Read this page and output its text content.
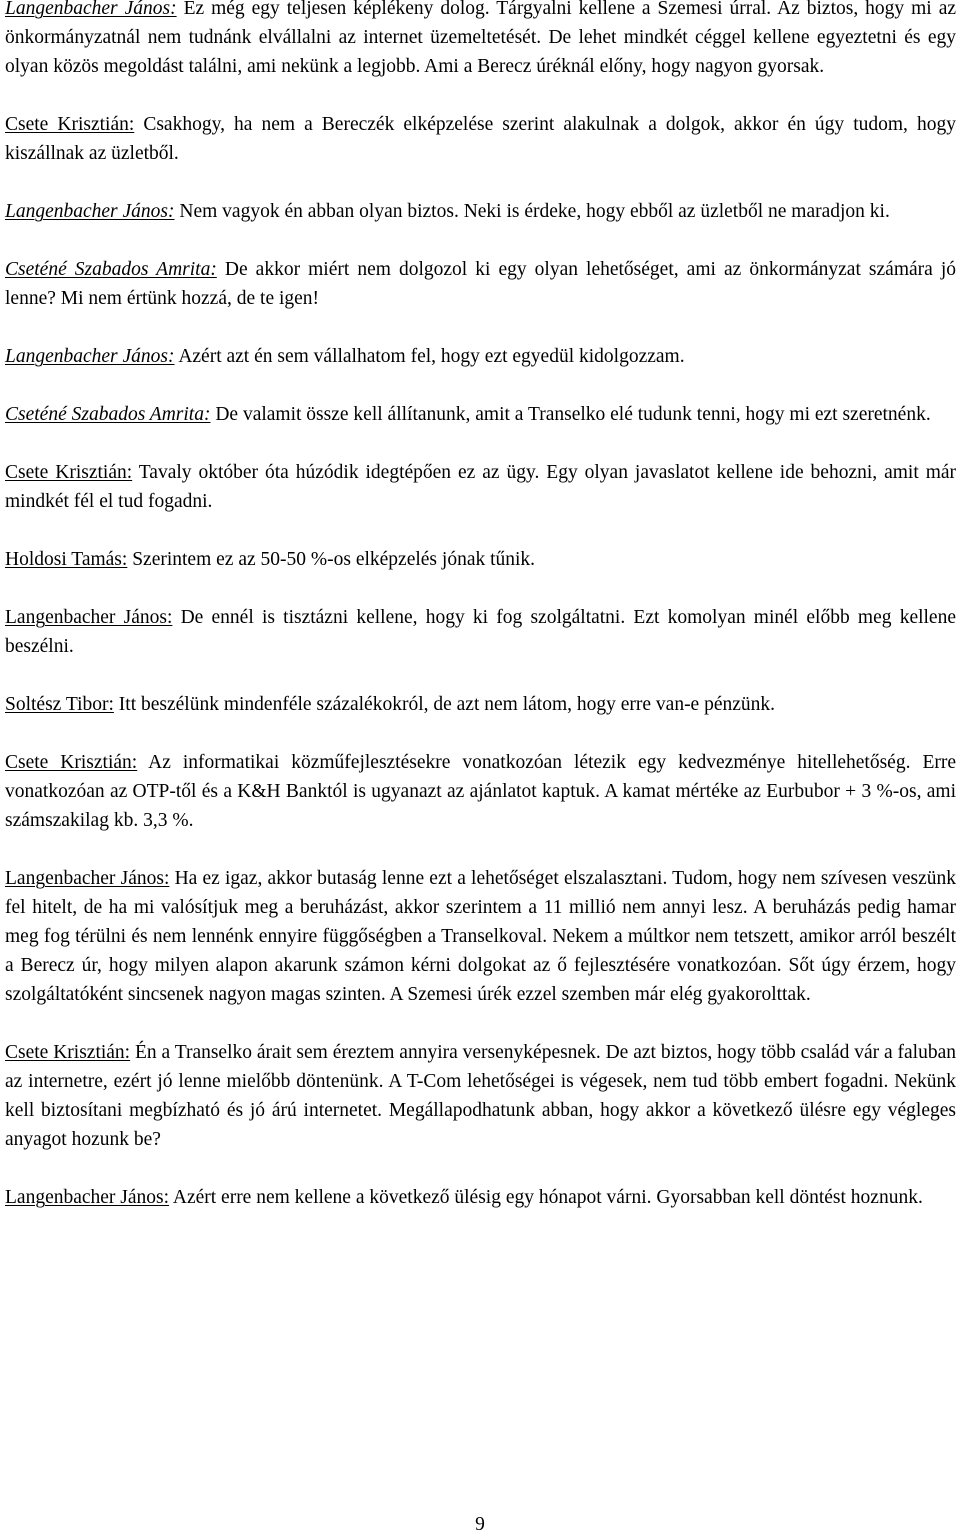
Langenbacher János: Ez még egy teljesen képlékeny dolog. Tárgyalni kellene a Szemesi úrral. Az biztos, hogy mi az önkormányzatnál nem tudnánk elvállalni az internet üzemeltetését. De lehet mindkét céggel kellene egyeztetni és egy olyan közös megoldást találni, ami nekünk a legjobb. Ami a Berecz úréknál előny, hogy nagyon gyorsak.

Csete Krisztián: Csakhogy, ha nem a Bereczék elképzelése szerint alakulnak a dolgok, akkor én úgy tudom, hogy kiszállnak az üzletből.

Langenbacher János: Nem vagyok én abban olyan biztos. Neki is érdeke, hogy ebből az üzletből ne maradjon ki.

Cseténé Szabados Amrita: De akkor miért nem dolgozol ki egy olyan lehetőséget, ami az önkormányzat számára jó lenne? Mi nem értünk hozzá, de te igen!

Langenbacher János: Azért azt én sem vállalhatom fel, hogy ezt egyedül kidolgozzam.

Cseténé Szabados Amrita: De valamit össze kell állítanunk, amit a Transelko elé tudunk tenni, hogy mi ezt szeretnénk.

Csete Krisztián: Tavaly október óta húzódik idegtépően ez az ügy. Egy olyan javaslatot kellene ide behozni, amit már mindkét fél el tud fogadni.

Holdosi Tamás: Szerintem ez az 50-50 %-os elképzelés jónak tűnik.

Langenbacher János: De ennél is tisztázni kellene, hogy ki fog szolgáltatni. Ezt komolyan minél előbb meg kellene beszélni.

Soltész Tibor: Itt beszélünk mindenféle százalékokról, de azt nem látom, hogy erre van-e pénzünk.

Csete Krisztián: Az informatikai közműfejlesztésekre vonatkozóan létezik egy kedvezménye hitellehetőség. Erre vonatkozóan az OTP-től és a K&H Banktól is ugyanazt az ajánlatot kaptuk. A kamat mértéke az Eurbubor + 3 %-os, ami számszakilag kb. 3,3 %.

Langenbacher János: Ha ez igaz, akkor butaság lenne ezt a lehetőséget elszalasztani. Tudom, hogy nem szívesen veszünk fel hitelt, de ha mi valósítjuk meg a beruházást, akkor szerintem a 11 millió nem annyi lesz. A beruházás pedig hamar meg fog térülni és nem lennénk ennyire függőségben a Transelkoval. Nekem a múltkor nem tetszett, amikor arról beszélt a Berecz úr, hogy milyen alapon akarunk számon kérni dolgokat az ő fejlesztésére vonatkozóan. Sőt úgy érzem, hogy szolgáltatóként sincsenek nagyon magas szinten. A Szemesi úrék ezzel szemben már elég gyakorolttak.

Csete Krisztián: Én a Transelko árait sem éreztem annyira versenyképesnek. De azt biztos, hogy több család vár a faluban az internetre, ezért jó lenne mielőbb döntenünk. A T-Com lehetőségei is végesek, nem tud több embert fogadni. Nekünk kell biztosítani megbízható és jó árú internetet. Megállapodhatunk abban, hogy akkor a következő ülésre egy végleges anyagot hozunk be?

Langenbacher János: Azért erre nem kellene a következő ülésig egy hónapot várni. Gyorsabban kell döntést hoznunk.

9
